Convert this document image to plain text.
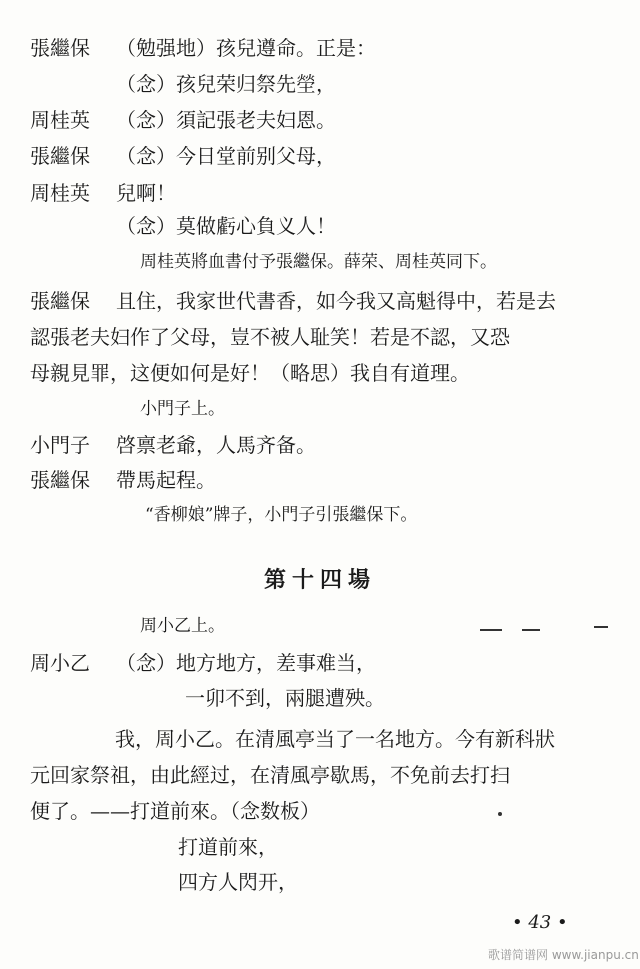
張繼保 （勉强地）孩兒遵命。正是：
（念）孩兒荣归祭先塋，
周桂英 （念）須記張老夫妇恩。
張繼保 （念）今日堂前别父母，
周桂英 兒啊！
（念）莫做虧心負义人！
周桂英將血書付予張繼保。薛荣、周桂英同下。
張繼保 且住，我家世代書香，如今我又高魁得中，若是去
認張老夫妇作了父母，豈不被人耻笑！若是不認，又恐
母親見罪，这便如何是好！（略思）我自有道理。
小門子上。
小門子 啓禀老爺，人馬齐备。
張繼保 帶馬起程。
“香柳娘”牌子，小門子引張繼保下。
第十四場
周小乙上。
周小乙 （念）地方地方，差事难当，
一卯不到，兩腿遭殃。
我，周小乙。在清風亭当了一名地方。今有新科狀
元回家祭祖，由此經过，在清風亭歇馬，不免前去打扫
便了。——打道前來。（念数板）
打道前來，
四方人閃开，
• 43 •
歌谱简谱网 www.jianpu.cn
